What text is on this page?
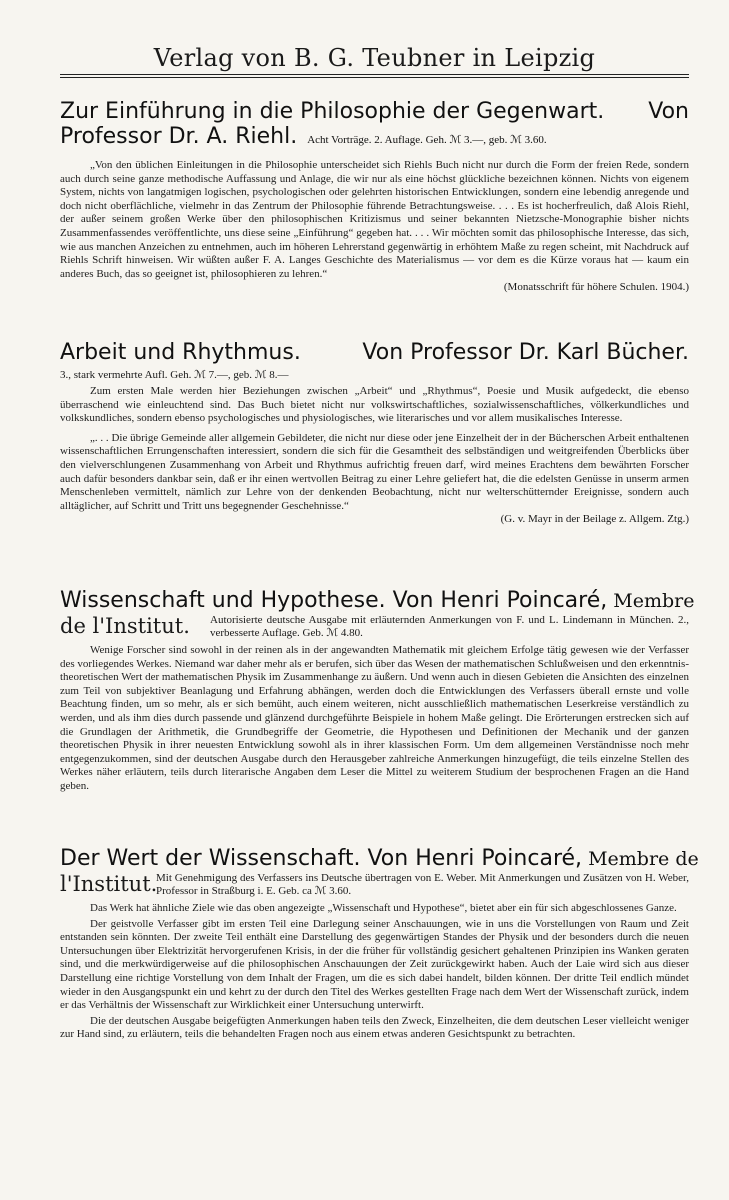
Verlag von B. G. Teubner in Leipzig
Zur Einführung in die Philosophie der Gegenwart. Von
Professor Dr. A. Riehl. Acht Vorträge. 2. Auflage. Geh. ℳ 3.—, geb. ℳ 3.60.

„Von den üblichen Einleitungen in die Philosophie unterscheidet sich Riehls Buch nicht nur durch die Form der freien Rede, sondern auch durch seine ganze methodische Auffassung und Anlage, die wir nur als eine höchst glückliche bezeichnen können. Nichts von eigenem System, nichts von langatmigen logischen, psychologischen oder gelehrten historischen Entwicklungen, sondern eine lebendig anregende und doch nicht oberflächliche, vielmehr in das Zentrum der Philosophie führende Betrachtungsweise. . . . Es ist hocherfreulich, daß Alois Riehl, der außer seinem großen Werke über den philosophischen Kritizismus und seiner bekannten Nietzsche-Monographie bisher nichts Zusammenfassendes veröffentlichte, uns diese seine „Einführung“ gegeben hat. . . . Wir möchten somit das philosophische Interesse, das sich, wie aus manchen Anzeichen zu entnehmen, auch im höheren Lehrerstand gegenwärtig in erhöhtem Maße zu regen scheint, mit Nachdruck auf Riehls Schrift hinweisen. Wir wüßten außer F. A. Langes Geschichte des Materialismus — vor dem es die Kürze voraus hat — kaum ein anderes Buch, das so geeignet ist, philosophieren zu lehren.“

(Monatsschrift für höhere Schulen. 1904.)
Arbeit und Rhythmus.	Von Professor Dr. Karl Bücher.
3., stark vermehrte Aufl. Geh. ℳ 7.—, geb. ℳ 8.—

Zum ersten Male werden hier Beziehungen zwischen „Arbeit“ und „Rhythmus“, Poesie und Musik aufgedeckt, die ebenso überraschend wie einleuchtend sind. Das Buch bietet nicht nur volkswirtschaftliches, sozialwissenschaftliches, völkerkundliches und volkskundliches, sondern ebenso psychologisches und physiologisches, wie literarisches und vor allem musikalisches Interesse.

„. . . Die übrige Gemeinde aller allgemein Gebildeter, die nicht nur diese oder jene Einzelheit der in der Bücherschen Arbeit enthaltenen wissenschaftlichen Errungenschaften interessiert, sondern die sich für die Gesamtheit des selbständigen und weitgreifenden Überblicks über den vielverschlungenen Zusammenhang von Arbeit und Rhythmus aufrichtig freuen darf, wird meines Erachtens dem bewährten Forscher auch dafür besonders dankbar sein, daß er ihr einen wertvollen Beitrag zu einer Lehre geliefert hat, die die edelsten Genüsse in unserm armen Menschenleben vermittelt, nämlich zur Lehre von der denkenden Beobachtung, nicht nur welterschütternder Ereignisse, sondern auch alltäglicher, auf Schritt und Tritt uns begegnender Geschehnisse.“

(G. v. Mayr in der Beilage z. Allgem. Ztg.)
Wissenschaft und Hypothese. Von Henri Poincaré, Membre
de l'Institut.	Autorisierte deutsche Ausgabe mit erläuternden Anmerkungen von F. und L. Lindemann in München. 2., verbesserte Auflage. Geb. ℳ 4.80.

Wenige Forscher sind sowohl in der reinen als in der angewandten Mathematik mit gleichem Erfolge tätig gewesen wie der Verfasser des vorliegendes Werkes. Niemand war daher mehr als er berufen, sich über das Wesen der mathematischen Schlußweisen und den erkenntnis-theoretischen Wert der mathematischen Physik im Zusammenhange zu äußern. Und wenn auch in diesen Gebieten die Ansichten des einzelnen zum Teil von subjektiver Beanlagung und Erfahrung abhängen, werden doch die Entwicklungen des Verfassers überall ernste und volle Beachtung finden, um so mehr, als er sich bemüht, auch einem weiteren, nicht ausschließlich mathematischen Leserkreise verständlich zu werden, und als ihm dies durch passende und glänzend durchgeführte Beispiele in hohem Maße gelingt. Die Erörterungen erstrecken sich auf die Grundlagen der Arithmetik, die Grundbegriffe der Geometrie, die Hypothesen und Definitionen der Mechanik und der ganzen theoretischen Physik in ihrer neuesten Entwicklung sowohl als in ihrer klassischen Form. Um dem allgemeinen Verständnisse noch mehr entgegenzukommen, sind der deutschen Ausgabe durch den Herausgeber zahlreiche Anmerkungen hinzugefügt, die teils einzelne Stellen des Werkes näher erläutern, teils durch literarische Angaben dem Leser die Mittel zu weiterem Studium der besprochenen Fragen an die Hand geben.

Der Wert der Wissenschaft. Von Henri Poincaré, Membre de
l'Institut.
Mit Genehmigung des Verfassers ins Deutsche übertragen von E. Weber. Mit Anmerkungen und Zusätzen von H. Weber, Professor in Straßburg i. E. Geb. ca ℳ 3.60.

Das Werk hat ähnliche Ziele wie das oben angezeigte „Wissenschaft und Hypothese“, bietet aber ein für sich abgeschlossenes Ganze.

Der geistvolle Verfasser gibt im ersten Teil eine Darlegung seiner Anschauungen, wie in uns die Vorstellungen von Raum und Zeit entstanden sein könnten. Der zweite Teil enthält eine Darstellung des gegenwärtigen Standes der Physik und der besonders durch die neuen Untersuchungen über Elektrizität hervorgerufenen Krisis, in der die früher für vollständig gesichert gehaltenen Prinzipien ins Wanken geraten sind, und die merkwürdigerweise auf die philosophischen Anschauungen der Zeit zurückgewirkt haben. Auch der Laie wird sich aus dieser Darstellung eine richtige Vorstellung von dem Inhalt der Fragen, um die es sich dabei handelt, bilden können. Der dritte Teil endlich mündet wieder in den Ausgangspunkt ein und kehrt zu der durch den Titel des Werkes gestellten Frage nach dem Wert der Wissenschaft zurück, indem er das Verhältnis der Wissenschaft zur Wirklichkeit einer Untersuchung unterwirft.

Die der deutschen Ausgabe beigefügten Anmerkungen haben teils den Zweck, Einzelheiten, die dem deutschen Leser vielleicht weniger zur Hand sind, zu erläutern, teils die behandelten Fragen noch aus einem etwas anderen Gesichtspunkt zu betrachten.
